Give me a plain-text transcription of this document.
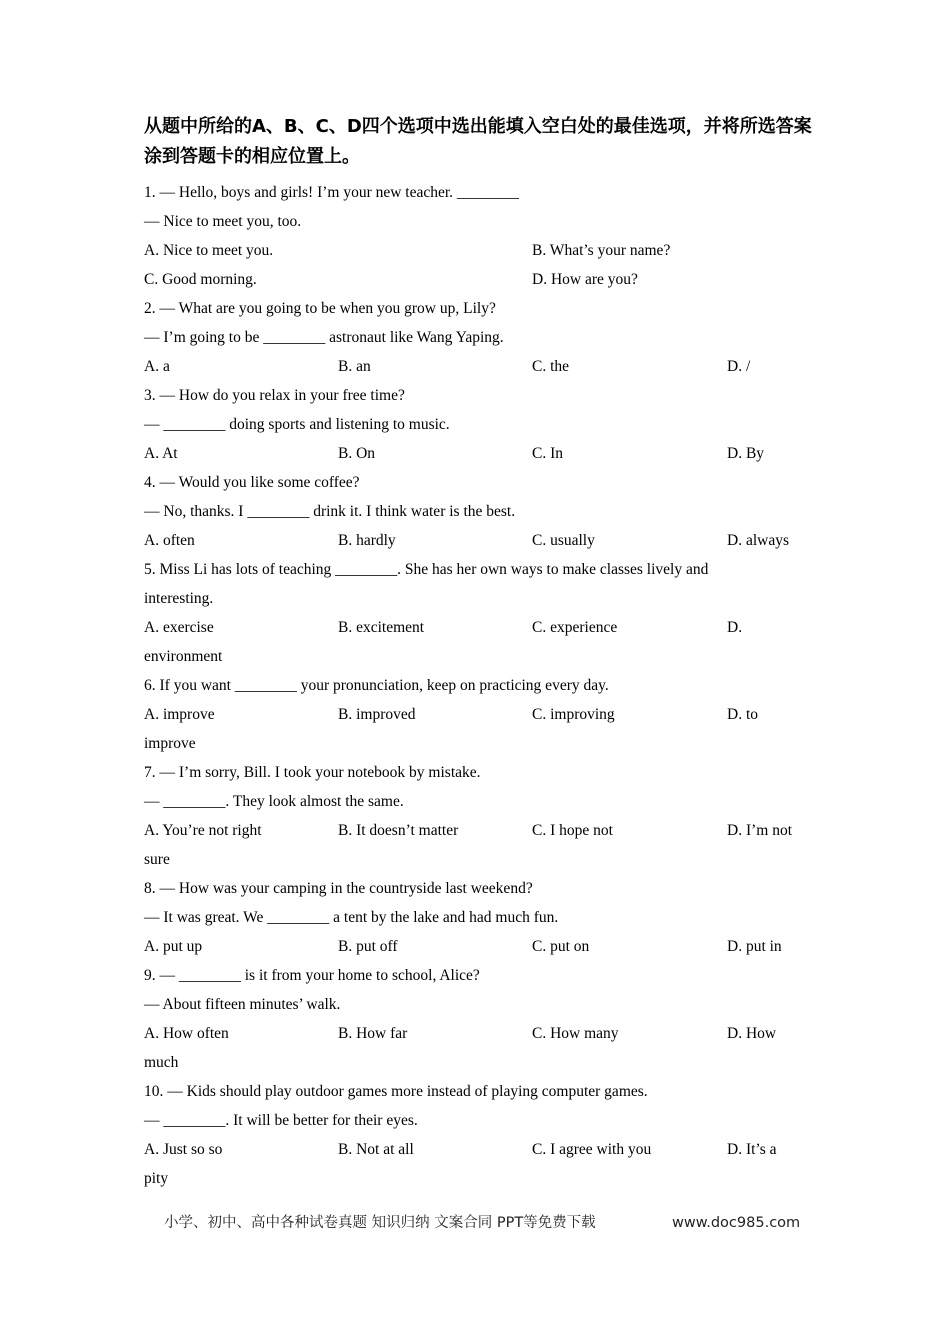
从题中所给的A、B、C、D四个选项中选出能填入空白处的最佳选项，并将所选答案涂到答题卡的相应位置上。
1. — Hello, boys and girls! I’m your new teacher. ________
— Nice to meet you, too.
A. Nice to meet you.	B. What’s your name?
C. Good morning.	D. How are you?
2. — What are you going to be when you grow up, Lily?
— I’m going to be ________ astronaut like Wang Yaping.
A. a	B. an	C. the	D. /
3. — How do you relax in your free time?
— ________ doing sports and listening to music.
A. At	B. On	C. In	D. By
4. — Would you like some coffee?
— No, thanks. I ________ drink it. I think water is the best.
A. often	B. hardly	C. usually	D. always
5. Miss Li has lots of teaching ________. She has her own ways to make classes lively and
interesting.
A. exercise	B. excitement	C. experience	D.
environment
6. If you want ________ your pronunciation, keep on practicing every day.
A. improve	B. improved	C. improving	D. to
improve
7. — I’m sorry, Bill. I took your notebook by mistake.
— ________. They look almost the same.
A. You’re not right	B. It doesn’t matter	C. I hope not	D. I’m not
sure
8. — How was your camping in the countryside last weekend?
— It was great. We ________ a tent by the lake and had much fun.
A. put up	B. put off	C. put on	D. put in
9. — ________ is it from your home to school, Alice?
— About fifteen minutes’ walk.
A. How often	B. How far	C. How many	D. How
much
10. — Kids should play outdoor games more instead of playing computer games.
— ________. It will be better for their eyes.
A. Just so so	B. Not at all	C. I agree with you	D. It’s a
pity
小学、初中、高中各种试卷真题 知识归纳 文案合同 PPT等免费下载	www.doc985.com
